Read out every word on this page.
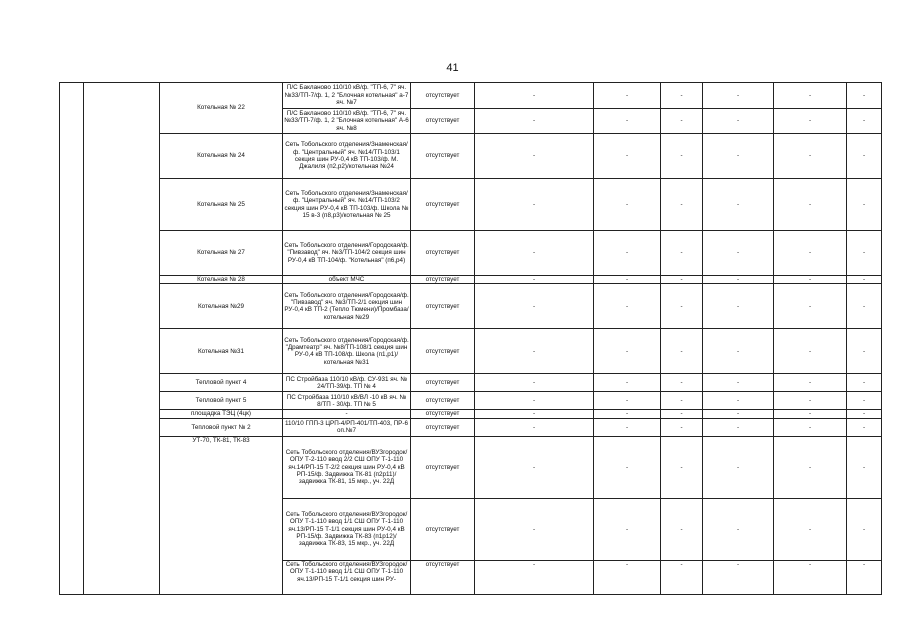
41
		Котельная № 22	П/С Бакланово 110/10 кВ/ф. "ТП-6, 7" яч. №33/ТП-7/ф. 1, 2 "Блочная котельная" а-7 яч. №7	отсутствует	-	-	-	-	-	-
			П/С Бакланово 110/10 кВ/ф. "ТП-6, 7" яч. №33/ТП-7/ф. 1, 2 "Блочная котельная" А-6 яч. №8	отсутствует	-	-	-	-	-	-
		Котельная № 24	Сеть Тобольского отделения/Знаменская/ф. "Центральный" яч. №14/ТП-103/1 секция шин РУ-0,4 кВ ТП-103/ф. М. Джалиля (п2,р2)/котельная №24	отсутствует	-	-	-	-	-	-
		Котельная № 25	Сеть Тобольского отделения/Знаменская/ф. "Центральный" яч. №14/ТП-103/2 секция шин РУ-0,4 кВ ТП-103/ф. Школа № 15 в-3 (п8,р3)/котельная № 25	отсутствует	-	-	-	-	-	-
		Котельная № 27	Сеть Тобольского отделения/Городская/ф. "Пивзавод" яч. №3/ТП-104/2 секция шин РУ-0,4 кВ ТП-104/ф. "Котельная" (п6,р4)	отсутствует	-	-	-	-	-	-
		Котельная № 28	объект МЧС	отсутствует	-	-	-	-	-	-
		Котельная №29	Сеть Тобольского отделения/Городская/ф. "Пивзавод" яч. №3/ТП-2/1 секция шин РУ-0,4 кВ ТП-2 (Тепло Тюмени)/Промбаза/котельная №29	отсутствует	-	-	-	-	-	-
		Котельная №31	Сеть Тобольского отделения/Городская/ф. "Драмтеатр" яч. №8/ТП-108/1 секция шин РУ-0,4 кВ ТП-108/ф. Школа (п1,р1)/котельная №31	отсутствует	-	-	-	-	-	-
		Тепловой пункт 4	ПС Стройбаза 110/10 кВ/ф. СУ-931 яч. № 24/ТП-39/ф. ТП № 4	отсутствует	-	-	-	-	-	-
		Тепловой пункт 5	ПС Стройбаза 110/10 кВ/ВЛ -10 кВ яч. № 8/ТП - 30/ф. ТП № 5	отсутствует	-	-	-	-	-	-
		площадка ТЭЦ (4цк)	-	отсутствует	-	-	-	-	-	-
		Тепловой пункт № 2	110/10 ГПП-3 ЦРП-4/РП-401/ТП-403, ПР-6 оп.№7	отсутствует	-	-	-	-	-	-
		УТ-70, ТК-81, ТК-83	Сеть Тобольского отделения/ВУЗгородок/ОПУ Т-2-110 ввод 2/2 СШ ОПУ Т-1-110 яч.14/РП-15 Т-2/2 секция шин РУ-0,4 кВ РП-15/ф. Задвижка ТК-81 (п2р11)/задвижка ТК-81, 15 мкр., уч. 22Д	отсутствует	-	-	-	-	-	-
			Сеть Тобольского отделения/ВУЗгородок/ОПУ Т-1-110 ввод 1/1 СШ ОПУ Т-1-110 яч.13/РП-15 Т-1/1 секция шин РУ-0,4 кВ РП-15/ф. Задвижка ТК-83 (п1р12)/задвижка ТК-83, 15 мкр., уч. 22Д	отсутствует	-	-	-	-	-	-
			Сеть Тобольского отделения/ВУЗгородок/ОПУ Т-1-110 ввод 1/1 СШ ОПУ Т-1-110 яч.13/РП-15 Т-1/1 секция шин РУ-	отсутствует	-	-	-	-	-	-
